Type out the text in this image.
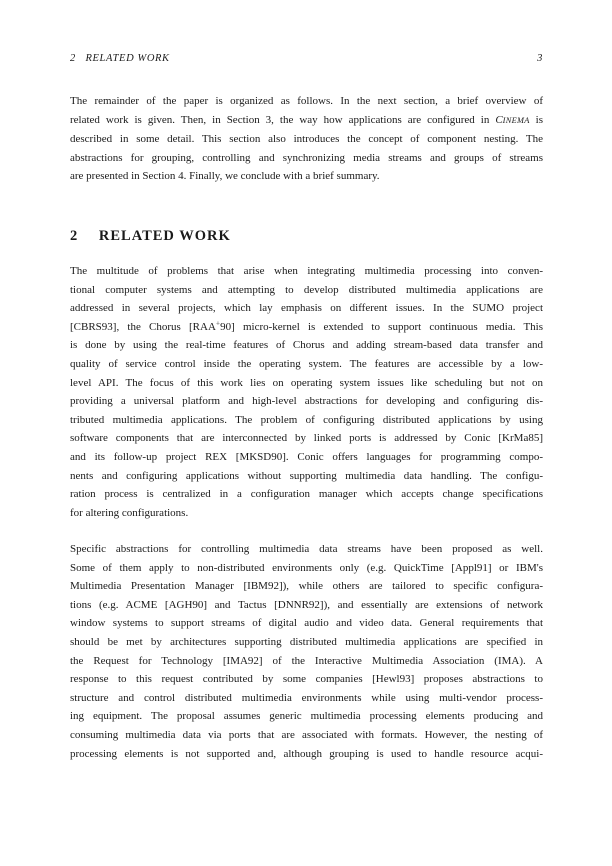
2   RELATED WORK	3
The remainder of the paper is organized as follows. In the next section, a brief overview of
related work is given. Then, in Section 3, the way how applications are configured in CINEMA is
described in some detail. This section also introduces the concept of component nesting. The
abstractions for grouping, controlling and synchronizing media streams and groups of streams
are presented in Section 4. Finally, we conclude with a brief summary.
2 RELATED WORK
The multitude of problems that arise when integrating multimedia processing into conven-
tional computer systems and attempting to develop distributed multimedia applications are
addressed in several projects, which lay emphasis on different issues. In the SUMO project
[CBRS93], the Chorus [RAA+90] micro-kernel is extended to support continuous media. This
is done by using the real-time features of Chorus and adding stream-based data transfer and
quality of service control inside the operating system. The features are accessible by a low-
level API. The focus of this work lies on operating system issues like scheduling but not on
providing a universal platform and high-level abstractions for developing and configuring dis-
tributed multimedia applications. The problem of configuring distributed applications by using
software components that are interconnected by linked ports is addressed by Conic [KrMa85]
and its follow-up project REX [MKSD90]. Conic offers languages for programming compo-
nents and configuring applications without supporting multimedia data handling. The configu-
ration process is centralized in a configuration manager which accepts change specifications
for altering configurations.
Specific abstractions for controlling multimedia data streams have been proposed as well.
Some of them apply to non-distributed environments only (e.g. QuickTime [Appl91] or IBM's
Multimedia Presentation Manager [IBM92]), while others are tailored to specific configura-
tions (e.g. ACME [AGH90] and Tactus [DNNR92]), and essentially are extensions of network
window systems to support streams of digital audio and video data. General requirements that
should be met by architectures supporting distributed multimedia applications are specified in
the Request for Technology [IMA92] of the Interactive Multimedia Association (IMA). A
response to this request contributed by some companies [Hewl93] proposes abstractions to
structure and control distributed multimedia environments while using multi-vendor process-
ing equipment. The proposal assumes generic multimedia processing elements producing and
consuming multimedia data via ports that are associated with formats. However, the nesting of
processing elements is not supported and, although grouping is used to handle resource acqui-
